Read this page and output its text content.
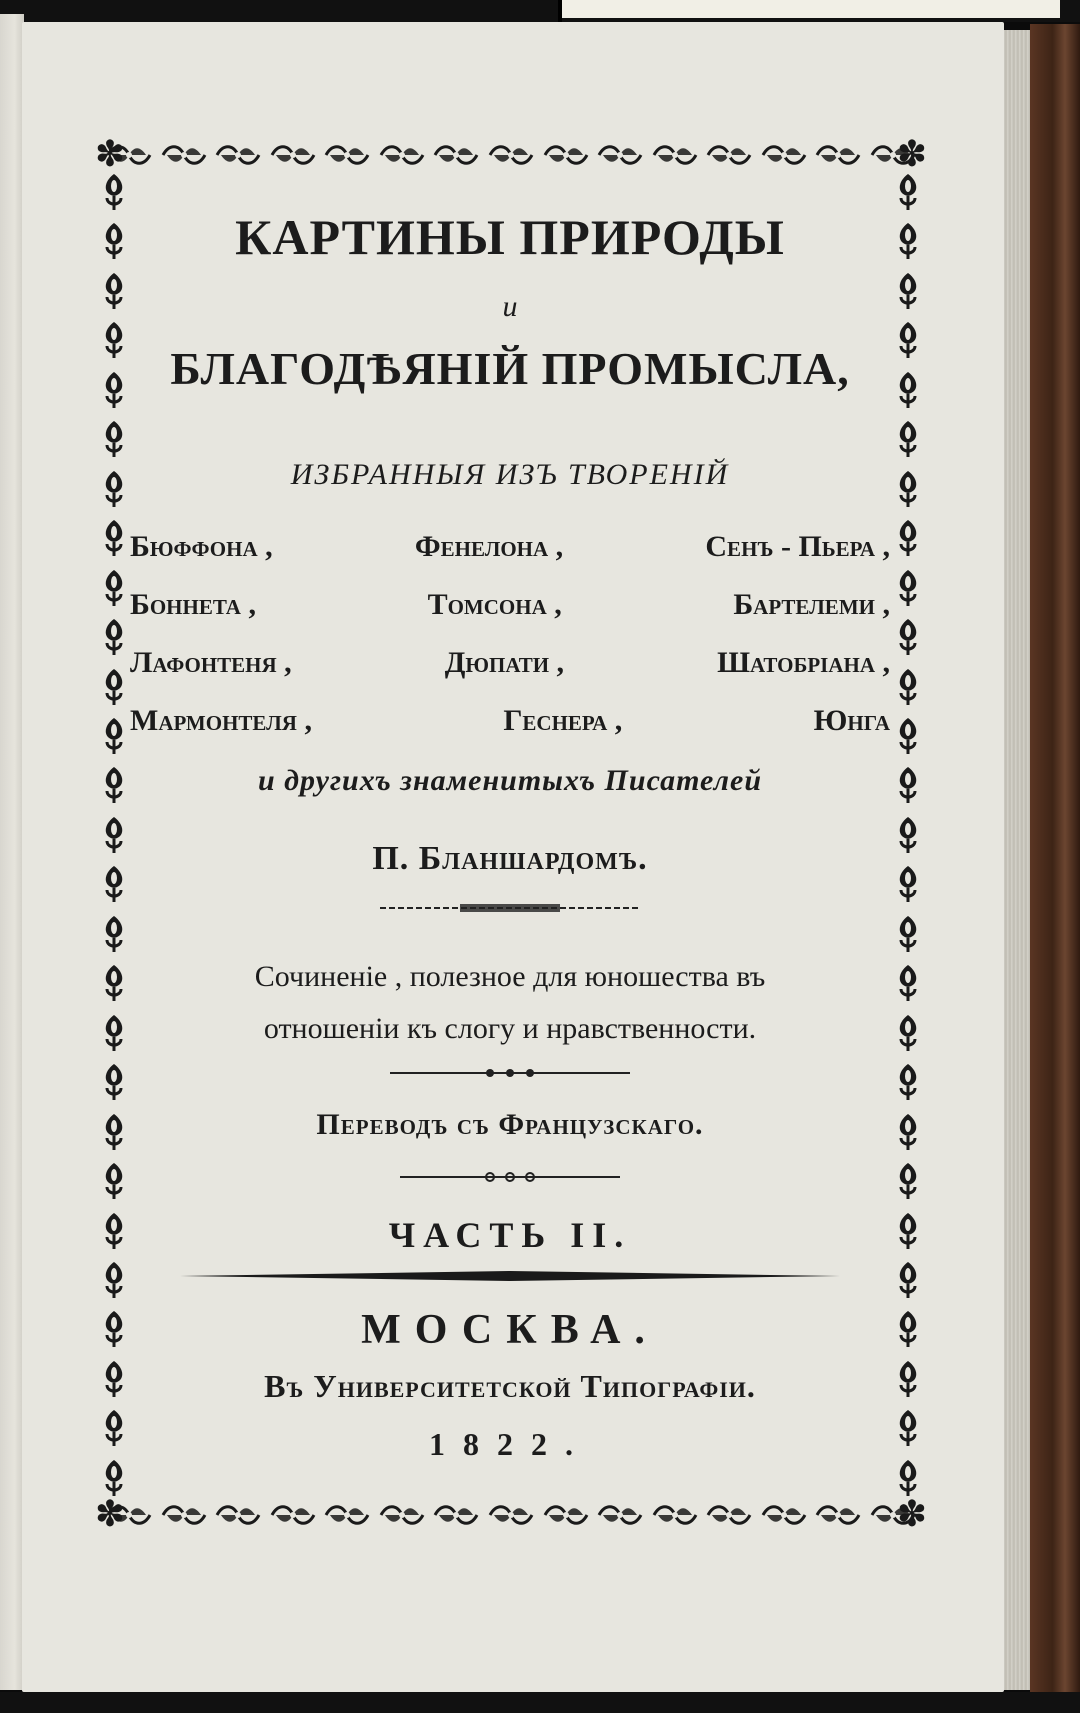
✽	✽
✽	✽
КАРТИНЫ ПРИРОДЫ
и
БЛАГОДѢЯНІЙ ПРОМЫСЛА,
ИЗБРАННЫЯ ИЗЪ ТВОРЕНІЙ
Бюффона ,	Фенелона ,	Сенъ - Пьера ,
Боннета ,	Томсона ,	Бартелеми ,
Лафонтеня ,	Дюпати ,	Шатобріана ,
Мармонтеля ,	Геснера ,	Юнга
и другихъ знаменитыхъ Писателей
П. Бланшардомъ.
Сочиненіе , полезное для юношества въ
отношеніи къ слогу и нравственности.
Переводъ съ Французскаго.
ЧАСТЬ II.
МОСКВА.
Въ Университетской Типографіи.
1822.
